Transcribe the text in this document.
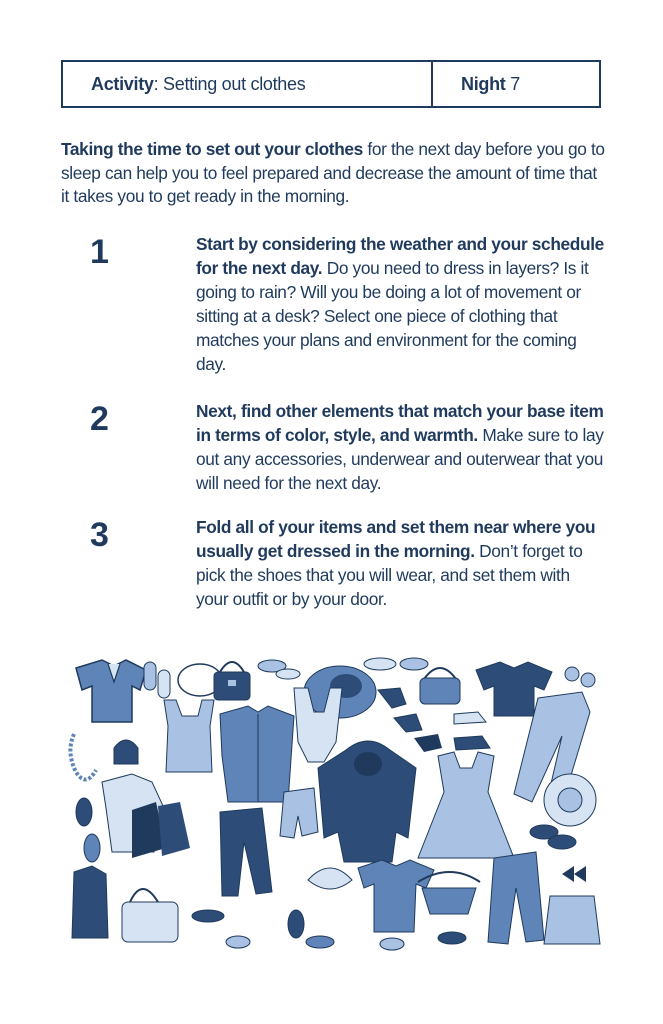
Activity : Setting out clothes	Night 7
Taking the time to set out your clothes for the next day before you go to sleep can help you to feel prepared and decrease the amount of time that it takes you to get ready in the morning.
1	Start by considering the weather and your schedule for the next day. Do you need to dress in layers? Is it going to rain? Will you be doing a lot of movement or sitting at a desk? Select one piece of clothing that matches your plans and environment for the coming day.
2	Next, find other elements that match your base item in terms of color, style, and warmth. Make sure to lay out any accessories, underwear and outerwear that you will need for the next day.
3	Fold all of your items and set them near where you usually get dressed in the morning. Don’t forget to pick the shoes that you will wear, and set them with your outfit or by your door.
